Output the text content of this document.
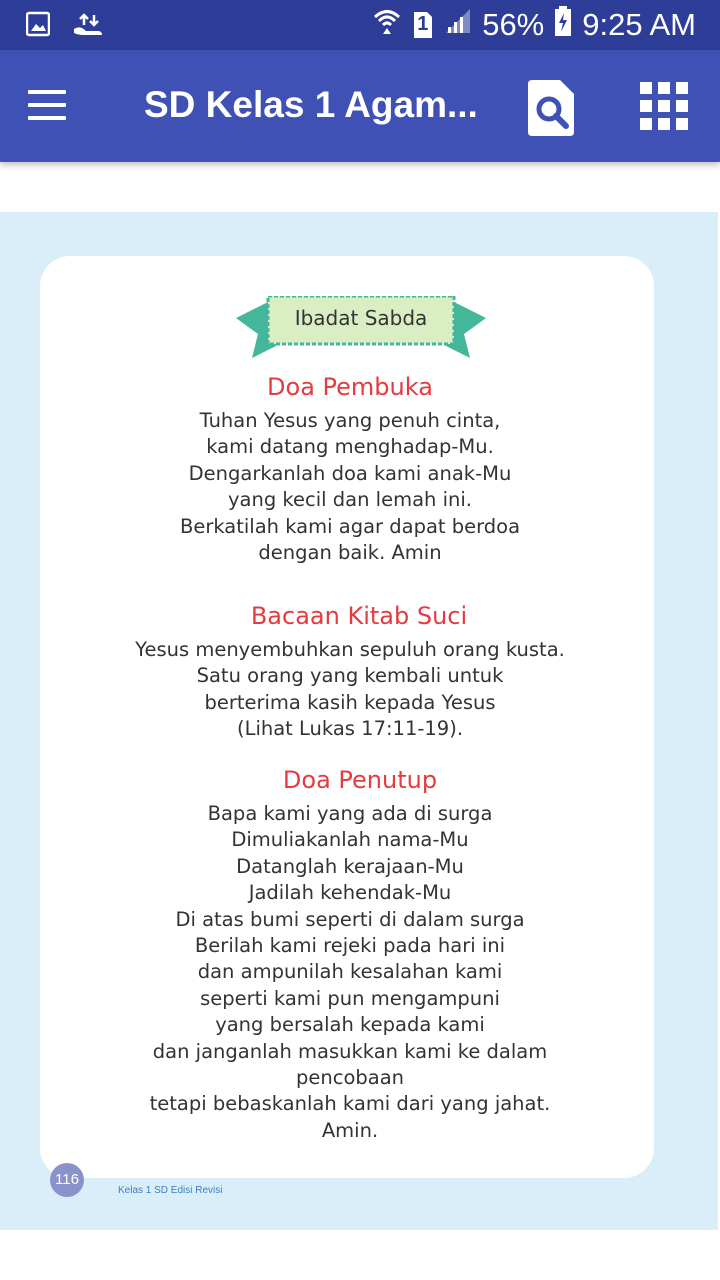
1 56% 9:25 AM
SD Kelas 1 Agam...
Ibadat Sabda
Doa Pembuka
Tuhan Yesus yang penuh cinta,
kami datang menghadap-Mu.
Dengarkanlah doa kami anak-Mu
yang kecil dan lemah ini.
Berkatilah kami agar dapat berdoa
dengan baik. Amin
Bacaan Kitab Suci
Yesus menyembuhkan sepuluh orang kusta.
Satu orang yang kembali untuk
berterima kasih kepada Yesus
(Lihat Lukas 17:11-19).
Doa Penutup
Bapa kami yang ada di surga
Dimuliakanlah nama-Mu
Datanglah kerajaan-Mu
Jadilah kehendak-Mu
Di atas bumi seperti di dalam surga
Berilah kami rejeki pada hari ini
dan ampunilah kesalahan kami
seperti kami pun mengampuni
yang bersalah kepada kami
dan janganlah masukkan kami ke dalam
pencobaan
tetapi bebaskanlah kami dari yang jahat.
Amin.
116
Kelas 1 SD Edisi Revisi
